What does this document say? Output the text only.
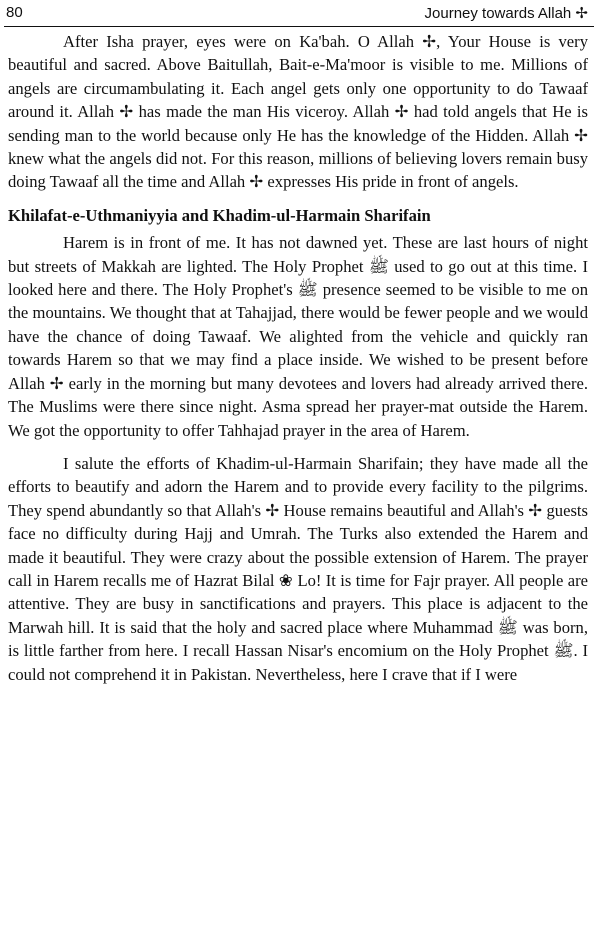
80	Journey towards Allah ✢

After Isha prayer, eyes were on Ka'bah. O Allah ✢, Your House is very beautiful and sacred. Above Baitullah, Bait-e-Ma'moor is visible to me. Millions of angels are circumambulating it. Each angel gets only one opportunity to do Tawaaf around it. Allah ✢ has made the man His viceroy. Allah ✢ had told angels that He is sending man to the world because only He has the knowledge of the Hidden. Allah ✢ knew what the angels did not. For this reason, millions of believing lovers remain busy doing Tawaaf all the time and Allah ✢ expresses His pride in front of angels.

Khilafat-e-Uthmaniyyia and Khadim-ul-Harmain Sharifain

Harem is in front of me. It has not dawned yet. These are last hours of night but streets of Makkah are lighted. The Holy Prophet ﷺ used to go out at this time. I looked here and there. The Holy Prophet's ﷺ presence seemed to be visible to me on the mountains. We thought that at Tahajjad, there would be fewer people and we would have the chance of doing Tawaaf. We alighted from the vehicle and quickly ran towards Harem so that we may find a place inside. We wished to be present before Allah ✢ early in the morning but many devotees and lovers had already arrived there. The Muslims were there since night. Asma spread her prayer-mat outside the Harem. We got the opportunity to offer Tahhajad prayer in the area of Harem.

I salute the efforts of Khadim-ul-Harmain Sharifain; they have made all the efforts to beautify and adorn the Harem and to provide every facility to the pilgrims. They spend abundantly so that Allah's ✢ House remains beautiful and Allah's ✢ guests face no difficulty during Hajj and Umrah. The Turks also extended the Harem and made it beautiful. They were crazy about the possible extension of Harem. The prayer call in Harem recalls me of Hazrat Bilal ❀ Lo! It is time for Fajr prayer. All people are attentive. They are busy in sanctifications and prayers. This place is adjacent to the Marwah hill. It is said that the holy and sacred place where Muhammad ﷺ was born, is little farther from here. I recall Hassan Nisar's encomium on the Holy Prophet ﷺ. I could not comprehend it in Pakistan. Nevertheless, here I crave that if I were
